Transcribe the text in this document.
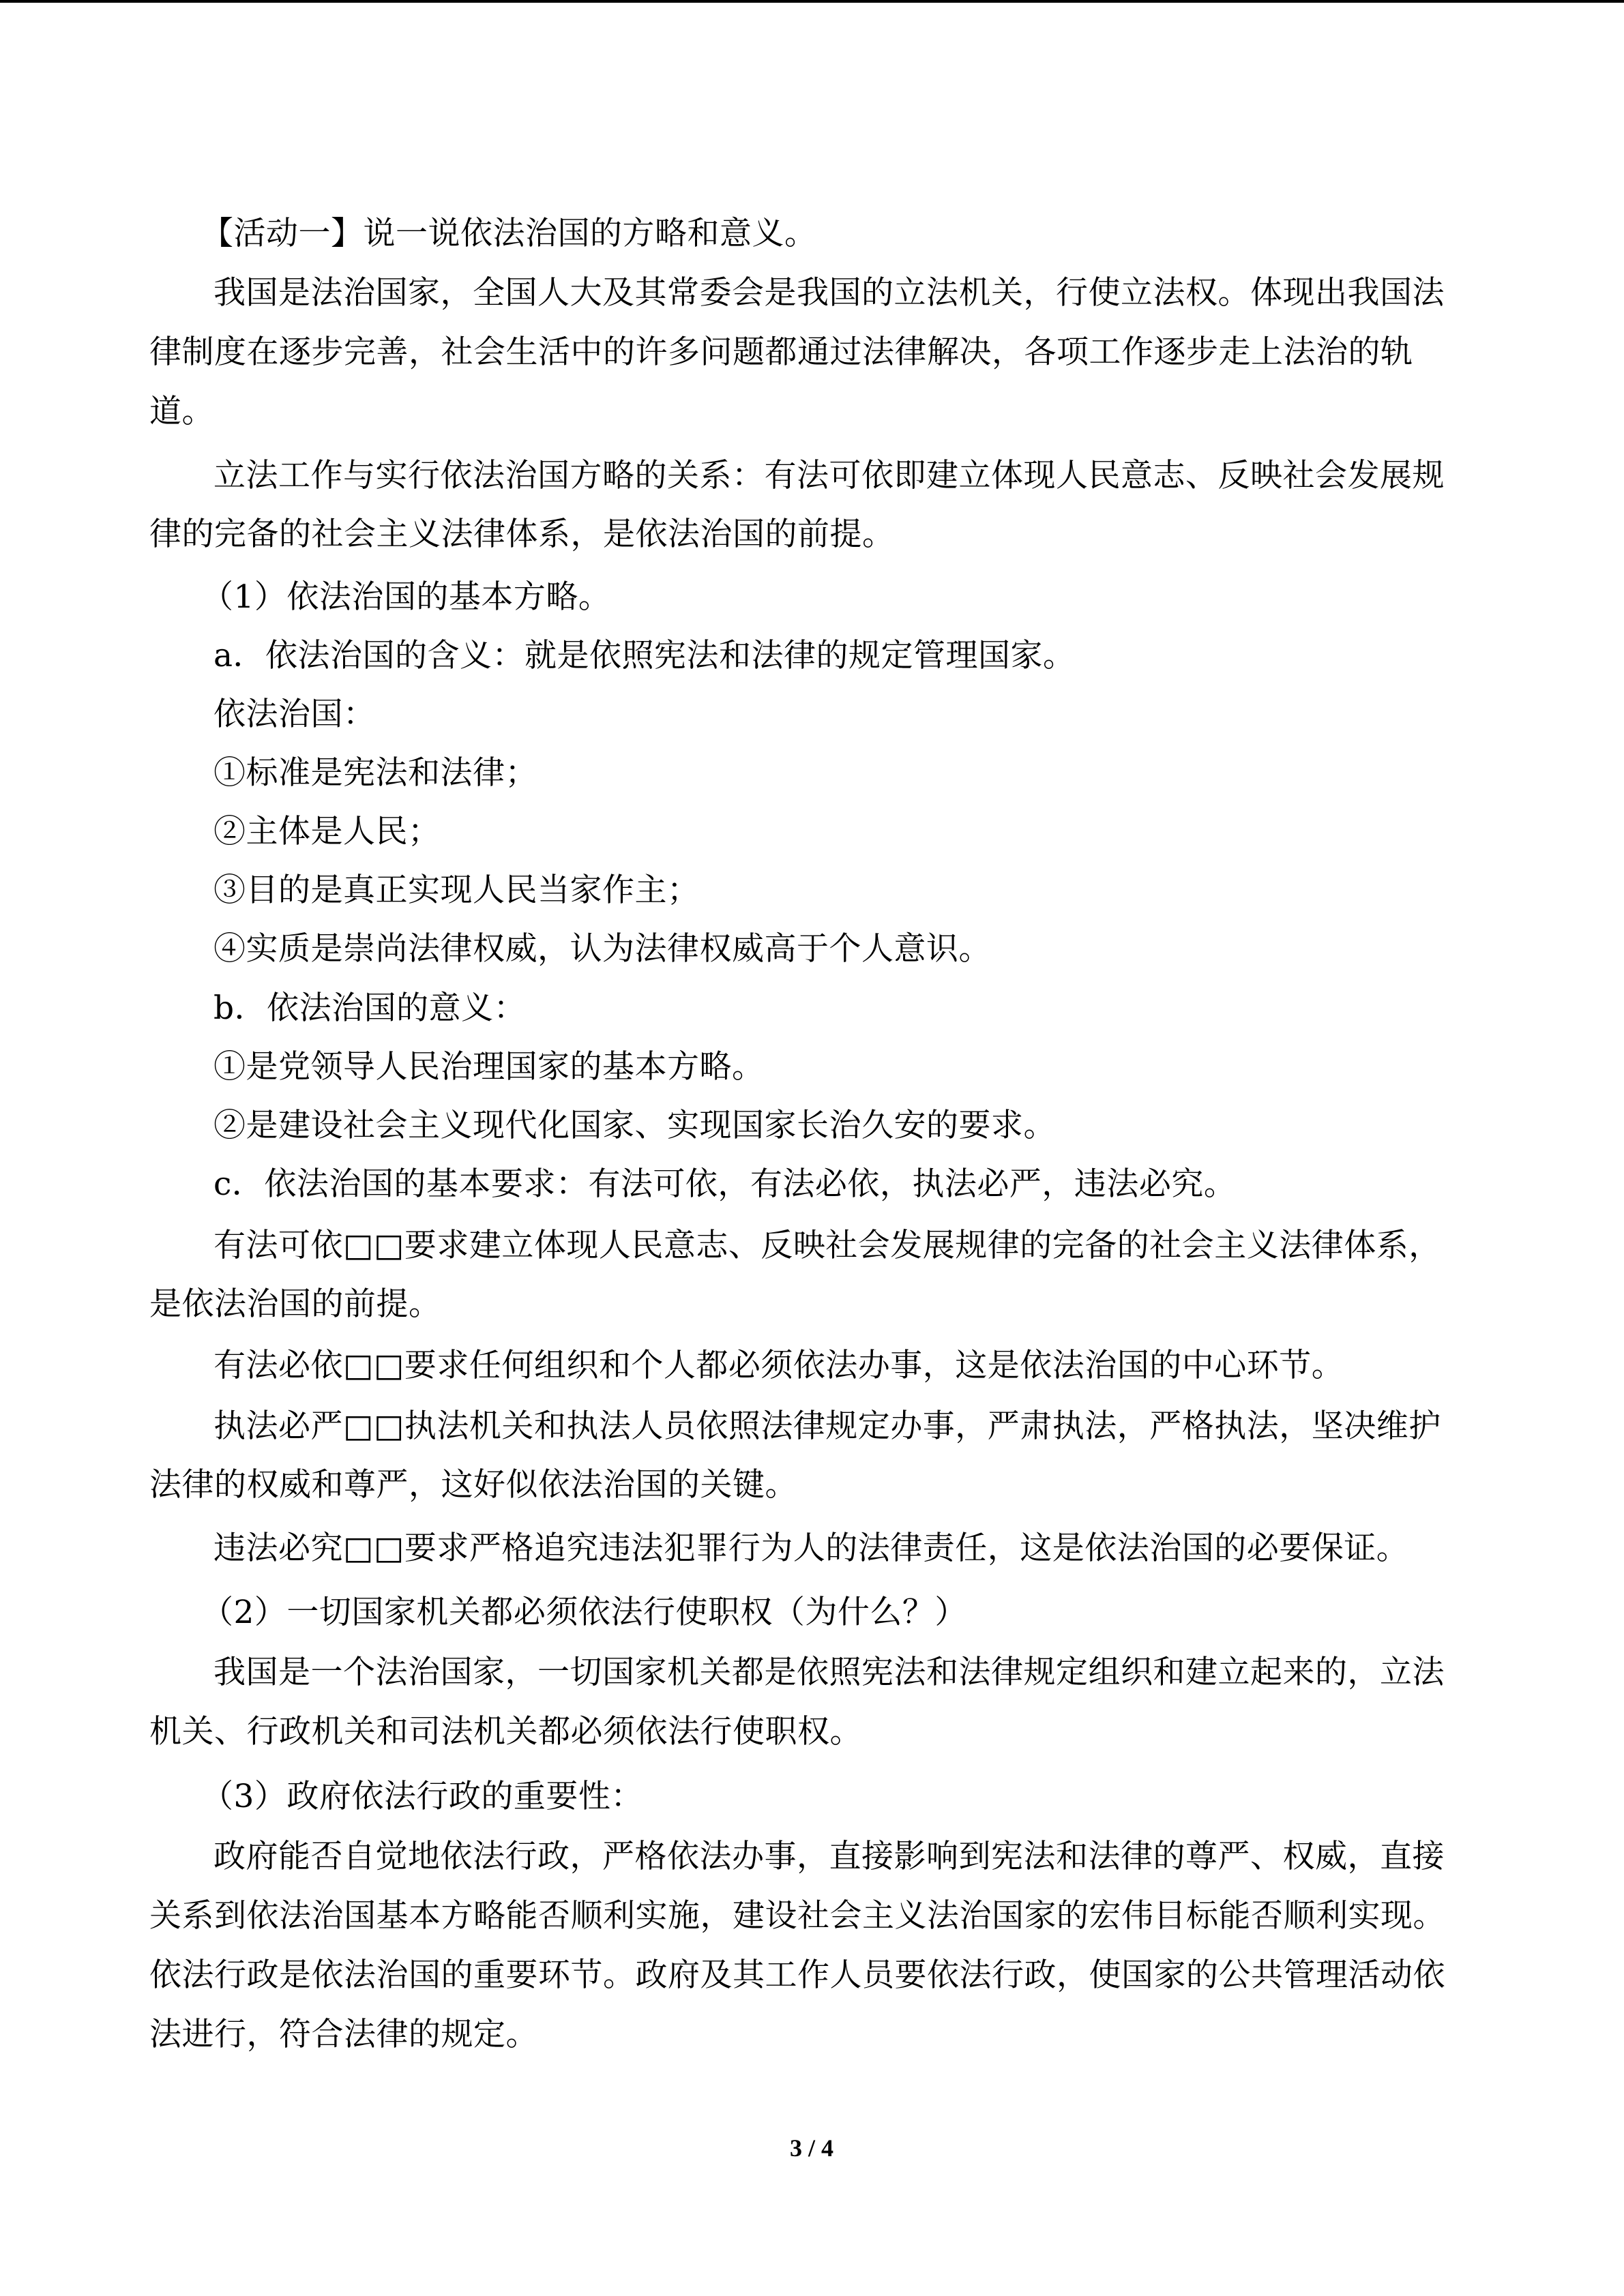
【活动一】说一说依法治国的方略和意义。
我国是法治国家，全国人大及其常委会是我国的立法机关，行使立法权。体现出我国法
律制度在逐步完善，社会生活中的许多问题都通过法律解决，各项工作逐步走上法治的轨
道。
立法工作与实行依法治国方略的关系：有法可依即建立体现人民意志、反映社会发展规
律的完备的社会主义法律体系，是依法治国的前提。
（1）依法治国的基本方略。
a．依法治国的含义：就是依照宪法和法律的规定管理国家。
依法治国：
①标准是宪法和法律；
②主体是人民；
③目的是真正实现人民当家作主；
④实质是崇尚法律权威，认为法律权威高于个人意识。
b．依法治国的意义：
①是党领导人民治理国家的基本方略。
②是建设社会主义现代化国家、实现国家长治久安的要求。
c．依法治国的基本要求：有法可依，有法必依，执法必严，违法必究。
有法可依□□要求建立体现人民意志、反映社会发展规律的完备的社会主义法律体系，
是依法治国的前提。
有法必依□□要求任何组织和个人都必须依法办事，这是依法治国的中心环节。
执法必严□□执法机关和执法人员依照法律规定办事，严肃执法，严格执法，坚决维护
法律的权威和尊严，这好似依法治国的关键。
违法必究□□要求严格追究违法犯罪行为人的法律责任，这是依法治国的必要保证。
（2）一切国家机关都必须依法行使职权（为什么？）
我国是一个法治国家，一切国家机关都是依照宪法和法律规定组织和建立起来的，立法
机关、行政机关和司法机关都必须依法行使职权。
（3）政府依法行政的重要性：
政府能否自觉地依法行政，严格依法办事，直接影响到宪法和法律的尊严、权威，直接
关系到依法治国基本方略能否顺利实施，建设社会主义法治国家的宏伟目标能否顺利实现。
依法行政是依法治国的重要环节。政府及其工作人员要依法行政，使国家的公共管理活动依
法进行，符合法律的规定。
3 / 4
